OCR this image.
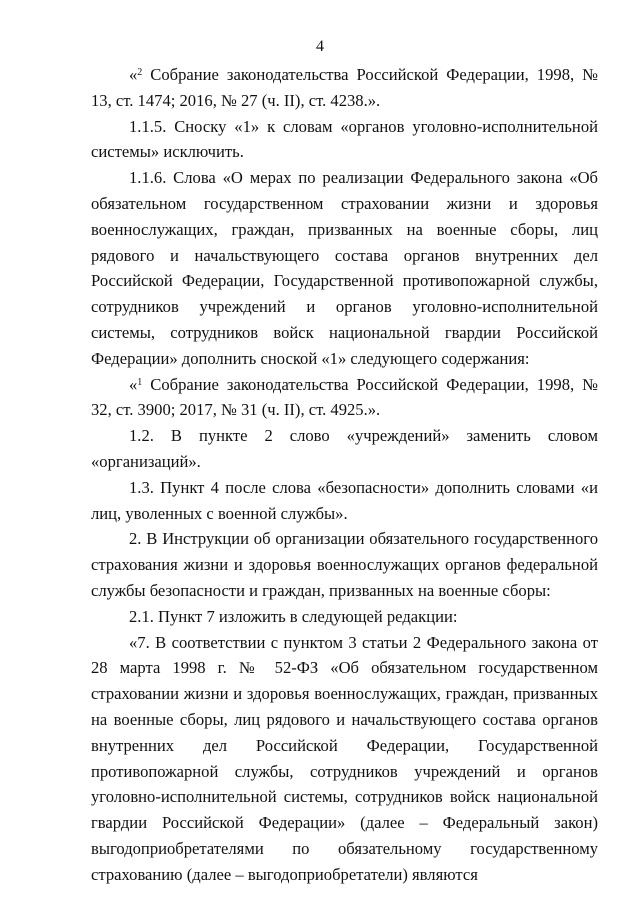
4

«$^2$ Собрание законодательства Российской Федерации, 1998, № 13, ст. 1474; 2016, № 27 (ч. II), ст. 4238.».

1.1.5. Сноску «1» к словам «органов уголовно-исполнительной системы» исключить.

1.1.6. Слова «О мерах по реализации Федерального закона «Об обязательном государственном страховании жизни и здоровья военнослужащих, граждан, призванных на военные сборы, лиц рядового и начальствующего состава органов внутренних дел Российской Федерации, Государственной противопожарной службы, сотрудников учреждений и органов уголовно-исполнительной системы, сотрудников войск национальной гвардии Российской Федерации» дополнить сноской «1» следующего содержания:

«$^1$ Собрание законодательства Российской Федерации, 1998, № 32, ст. 3900; 2017, № 31 (ч. II), ст. 4925.».

1.2. В пункте 2 слово «учреждений» заменить словом «организаций».

1.3. Пункт 4 после слова «безопасности» дополнить словами «и лиц, уволенных с военной службы».

2. В Инструкции об организации обязательного государственного страхования жизни и здоровья военнослужащих органов федеральной службы безопасности и граждан, призванных на военные сборы:

2.1. Пункт 7 изложить в следующей редакции:

«7. В соответствии с пунктом 3 статьи 2 Федерального закона от 28 марта 1998 г. № 52-ФЗ «Об обязательном государственном страховании жизни и здоровья военнослужащих, граждан, призванных на военные сборы, лиц рядового и начальствующего состава органов внутренних дел Российской Федерации, Государственной противопожарной службы, сотрудников учреждений и органов уголовно-исполнительной системы, сотрудников войск национальной гвардии Российской Федерации» (далее – Федеральный закон) выгодоприобретателями по обязательному государственному страхованию (далее – выгодоприобретатели) являются
